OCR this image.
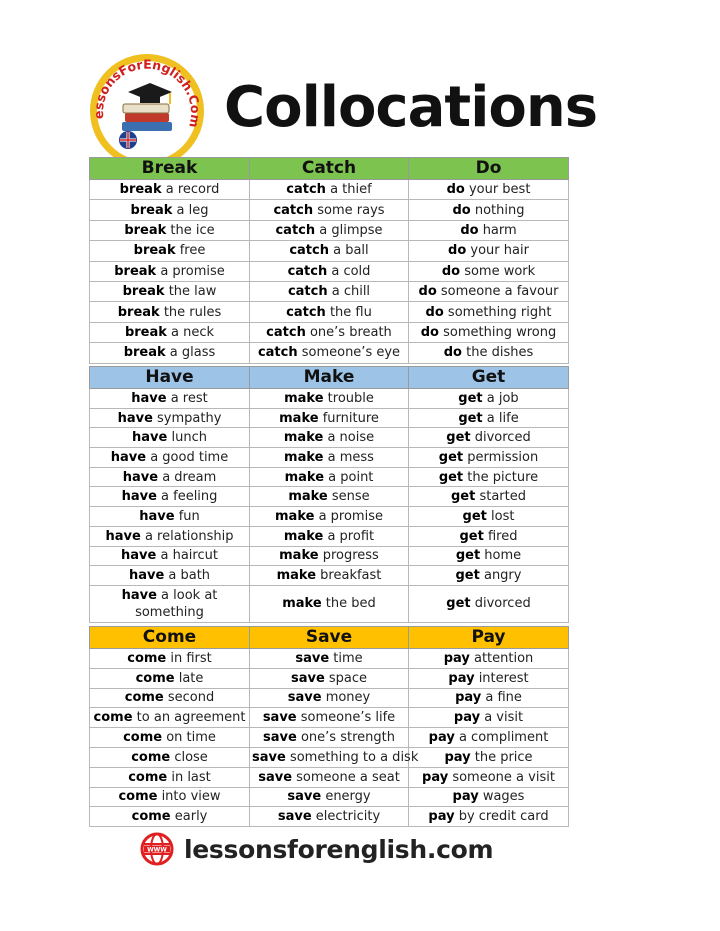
essonsForEnglish.Com Collocations
Break	Catch	Do
break a record	catch a thief	do your best
break a leg	catch some rays	do nothing
break the ice	catch a glimpse	do harm
break free	catch a ball	do your hair
break a promise	catch a cold	do some work
break the law	catch a chill	do someone a favour
break the rules	catch the flu	do something right
break a neck	catch one’s breath	do something wrong
break a glass	catch someone’s eye	do the dishes
Have	Make	Get
have a rest	make trouble	get a job
have sympathy	make furniture	get a life
have lunch	make a noise	get divorced
have a good time	make a mess	get permission
have a dream	make a point	get the picture
have a feeling	make sense	get started
have fun	make a promise	get lost
have a relationship	make a profit	get fired
have a haircut	make progress	get home
have a bath	make breakfast	get angry
have a look at something	make the bed	get divorced
Come	Save	Pay
come in first	save time	pay attention
come late	save space	pay interest
come second	save money	pay a fine
come to an agreement	save someone’s life	pay a visit
come on time	save one’s strength	pay a compliment
come close	save something to a disk	pay the price
come in last	save someone a seat	pay someone a visit
come into view	save energy	pay wages
come early	save electricity	pay by credit card
WWW lessonsforenglish.com
